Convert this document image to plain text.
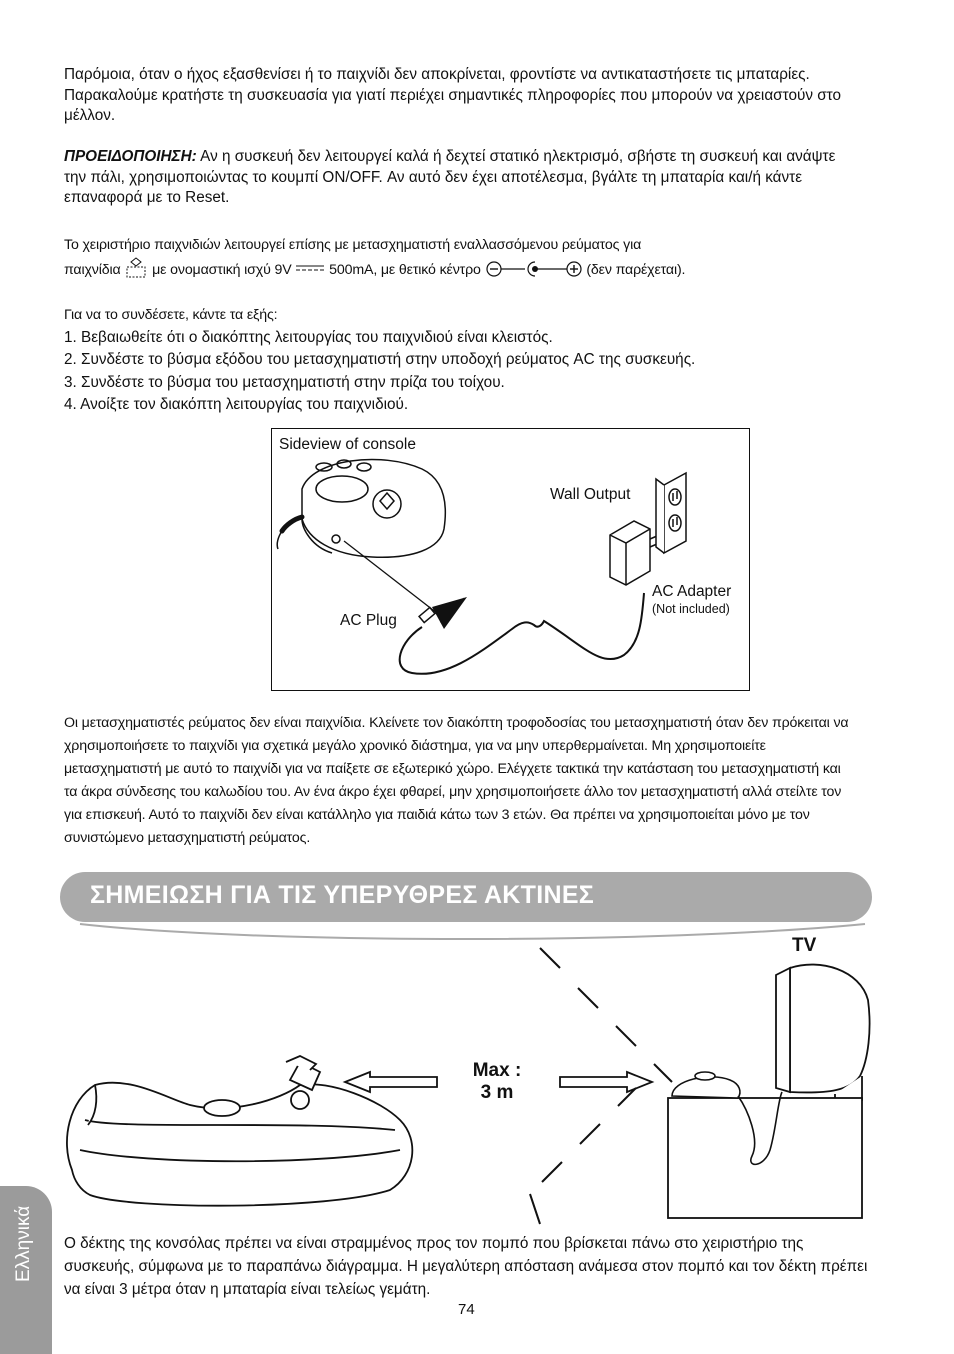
Παρόμοια, όταν ο ήχος εξασθενίσει ή το παιχνίδι δεν αποκρίνεται, φροντίστε να αντικαταστήσετε τις μπαταρίες. Παρακαλούμε κρατήστε τη συσκευασία για γιατί περιέχει σημαντικές πληροφορίες που μπορούν να χρειαστούν στο μέλλον.

ΠΡΟΕΙΔΟΠΟΙΗΣΗ: Αν η συσκευή δεν λειτουργεί καλά ή δεχτεί στατικό ηλεκτρισμό, σβήστε τη συσκευή και ανάψτε την πάλι, χρησιμοποιώντας το κουμπί ON/OFF. Αν αυτό δεν έχει αποτέλεσμα, βγάλτε τη μπαταρία και/ή κάντε επαναφορά με το Reset.

Το χειριστήριο παιχνιδιών λειτουργεί επίσης με μετασχηματιστή εναλλασσόμενου ρεύματος για
παιχνίδια με ονομαστική ισχύ 9V	500mA, με θετικό κέντρο	(δεν παρέχεται).

Για να το συνδέσετε, κάντε τα εξής:

1. Βεβαιωθείτε ότι ο διακόπτης λειτουργίας του παιχνιδιού είναι κλειστός.
2. Συνδέστε το βύσμα εξόδου του μετασχηματιστή στην υποδοχή ρεύματος AC της συσκευής.
3. Συνδέστε το βύσμα του μετασχηματιστή στην πρίζα του τοίχου.
4. Ανοίξτε τον διακόπτη λειτουργίας του παιχνιδιού.
Sideview of console
Wall Output
AC Adapter
(Not included)
AC Plug

Οι μετασχηματιστές ρεύματος δεν είναι παιχνίδια. Κλείνετε τον διακόπτη τροφοδοσίας του μετασχηματιστή όταν δεν πρόκειται να χρησιμοποιήσετε το παιχνίδι για σχετικά μεγάλο χρονικό διάστημα, για να μην υπερθερμαίνεται. Μη χρησιμοποιείτε μετασχηματιστή με αυτό το παιχνίδι για να παίξετε σε εξωτερικό χώρο. Ελέγχετε τακτικά την κατάσταση του μετασχηματιστή και τα άκρα σύνδεσης του καλωδίου του. Αν ένα άκρο έχει φθαρεί, μην χρησιμοποιήσετε άλλο τον μετασχηματιστή αλλά στείλτε τον για επισκευή. Αυτό το παιχνίδι δεν είναι κατάλληλο για παιδιά κάτω των 3 ετών. Θα πρέπει να χρησιμοποιείται μόνο με τον συνιστώμενο μετασχηματιστή ρεύματος.

ΣΗΜΕΙΩΣΗ ΓΙΑ ΤΙΣ ΥΠΕΡΥΘΡΕΣ ΑΚΤΙΝΕΣ
TV
Max :
3 m

Ο δέκτης της κονσόλας πρέπει να είναι στραμμένος προς τον πομπό που βρίσκεται πάνω στο χειριστήριο της συσκευής, σύμφωνα με το παραπάνω διάγραμμα. Η μεγαλύτερη απόσταση ανάμεσα στον πομπό και τον δέκτη πρέπει να είναι 3 μέτρα όταν η μπαταρία είναι τελείως γεμάτη.

Ελληνικά
74
